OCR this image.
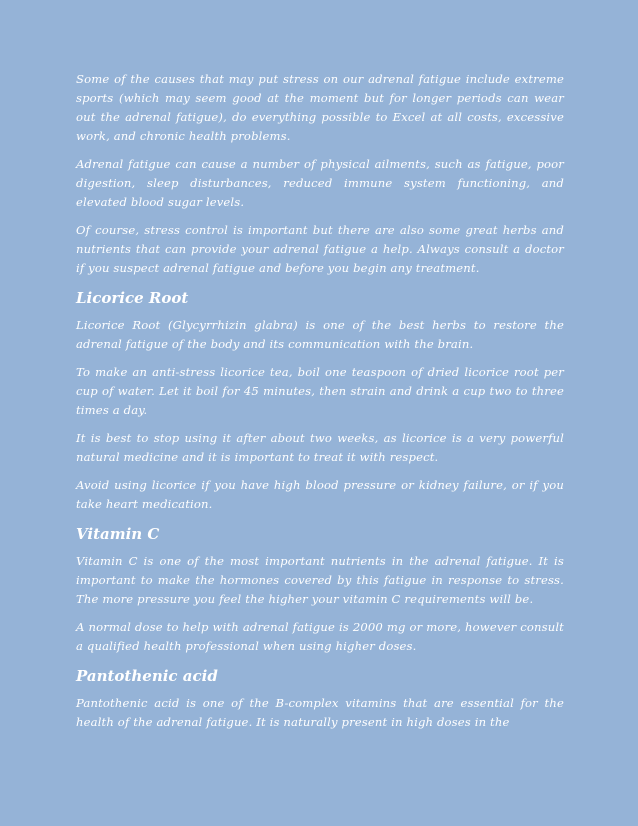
Some of the causes that may put stress on our adrenal fatigue include extreme sports (which may seem good at the moment but for longer periods can wear out the adrenal fatigue), do everything possible to Excel at all costs, excessive work, and chronic health problems.

Adrenal fatigue can cause a number of physical ailments, such as fatigue, poor digestion, sleep disturbances, reduced immune system functioning, and elevated blood sugar levels.

Of course, stress control is important but there are also some great herbs and nutrients that can provide your adrenal fatigue a help. Always consult a doctor if you suspect adrenal fatigue and before you begin any treatment.

Licorice Root

Licorice Root (Glycyrrhizin glabra) is one of the best herbs to restore the adrenal fatigue of the body and its communication with the brain.

To make an anti-stress licorice tea, boil one teaspoon of dried licorice root per cup of water. Let it boil for 45 minutes, then strain and drink a cup two to three times a day.

It is best to stop using it after about two weeks, as licorice is a very powerful natural medicine and it is important to treat it with respect.

Avoid using licorice if you have high blood pressure or kidney failure, or if you take heart medication.

Vitamin C

Vitamin C is one of the most important nutrients in the adrenal fatigue. It is important to make the hormones covered by this fatigue in response to stress. The more pressure you feel the higher your vitamin C requirements will be.

A normal dose to help with adrenal fatigue is 2000 mg or more, however consult a qualified health professional when using higher doses.

Pantothenic acid

Pantothenic acid is one of the B-complex vitamins that are essential for the health of the adrenal fatigue. It is naturally present in high doses in the
